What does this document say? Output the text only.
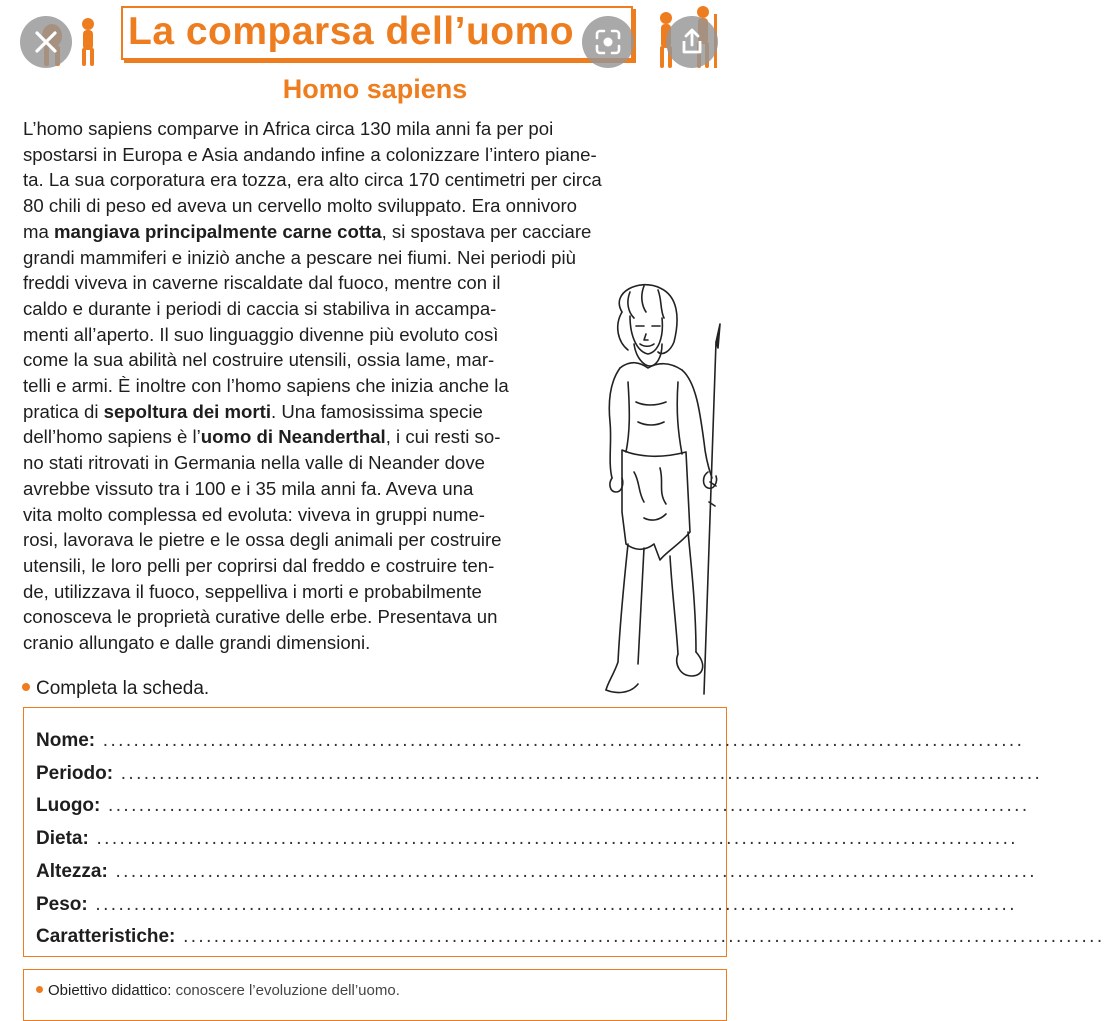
La comparsa dell’uomo
Homo sapiens
L’homo sapiens comparve in Africa circa 130 mila anni fa per poi
spostarsi in Europa e Asia andando infine a colonizzare l’intero piane-
ta. La sua corporatura era tozza, era alto circa 170 centimetri per circa
80 chili di peso ed aveva un cervello molto sviluppato. Era onnivoro
ma mangiava principalmente carne cotta, si spostava per cacciare
grandi mammiferi e iniziò anche a pescare nei fiumi. Nei periodi più
freddi viveva in caverne riscaldate dal fuoco, mentre con il
caldo e durante i periodi di caccia si stabiliva in accampa-
menti all’aperto. Il suo linguaggio divenne più evoluto così
come la sua abilità nel costruire utensili, ossia lame, mar-
telli e armi. È inoltre con l’homo sapiens che inizia anche la
pratica di sepoltura dei morti. Una famosissima specie
dell’homo sapiens è l’uomo di Neanderthal, i cui resti so-
no stati ritrovati in Germania nella valle di Neander dove
avrebbe vissuto tra i 100 e i 35 mila anni fa. Aveva una
vita molto complessa ed evoluta: viveva in gruppi nume-
rosi, lavorava le pietre e le ossa degli animali per costruire
utensili, le loro pelli per coprirsi dal freddo e costruire ten-
de, utilizzava il fuoco, seppelliva i morti e probabilmente
conosceva le proprietà curative delle erbe. Presentava un
cranio allungato e dalle grandi dimensioni.
Completa la scheda.
Nome: ........................................................................................................................
Periodo: ........................................................................................................................
Luogo: ........................................................................................................................
Dieta: ........................................................................................................................
Altezza: ........................................................................................................................
Peso: ........................................................................................................................
Caratteristiche: ........................................................................................................................
Obiettivo didattico: conoscere l’evoluzione dell’uomo.
